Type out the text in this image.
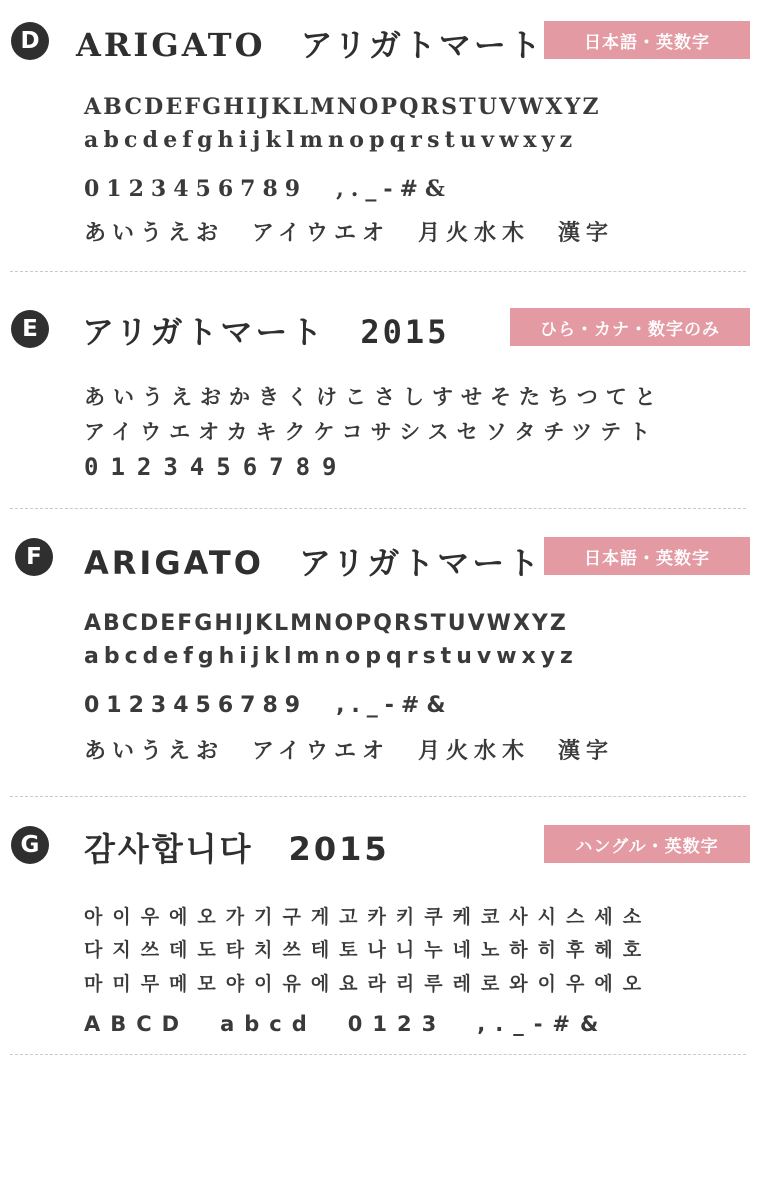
D ARIGATO　アリガトマート	日本語・英数字
ABCDEFGHIJKLMNOPQRSTUVWXYZ
abcdefghijklmnopqrstuvwxyz
0123456789　,._-#&
あいうえお　アイウエオ　月火水木　漢字
E	アリガトマート　2015	ひら・カナ・数字のみ
あいうえおかきくけこさしすせそたちつてと
アイウエオカキクケコサシスセソタチツテト
0123456789
F	ARIGATO　アリガトマート	日本語・英数字
ABCDEFGHIJKLMNOPQRSTUVWXYZ
abcdefghijklmnopqrstuvwxyz
0123456789　,._-#&
あいうえお　アイウエオ　月火水木　漢字
G 감사합니다　2015	ハングル・英数字
아이우에오가기구게고카키쿠케코사시스세소
다지쓰데도타치쓰테토나니누네노하히후헤호
마미무메모야이유에요라리루레로와이우에오
ABCD　abcd　0123　,._-#&
